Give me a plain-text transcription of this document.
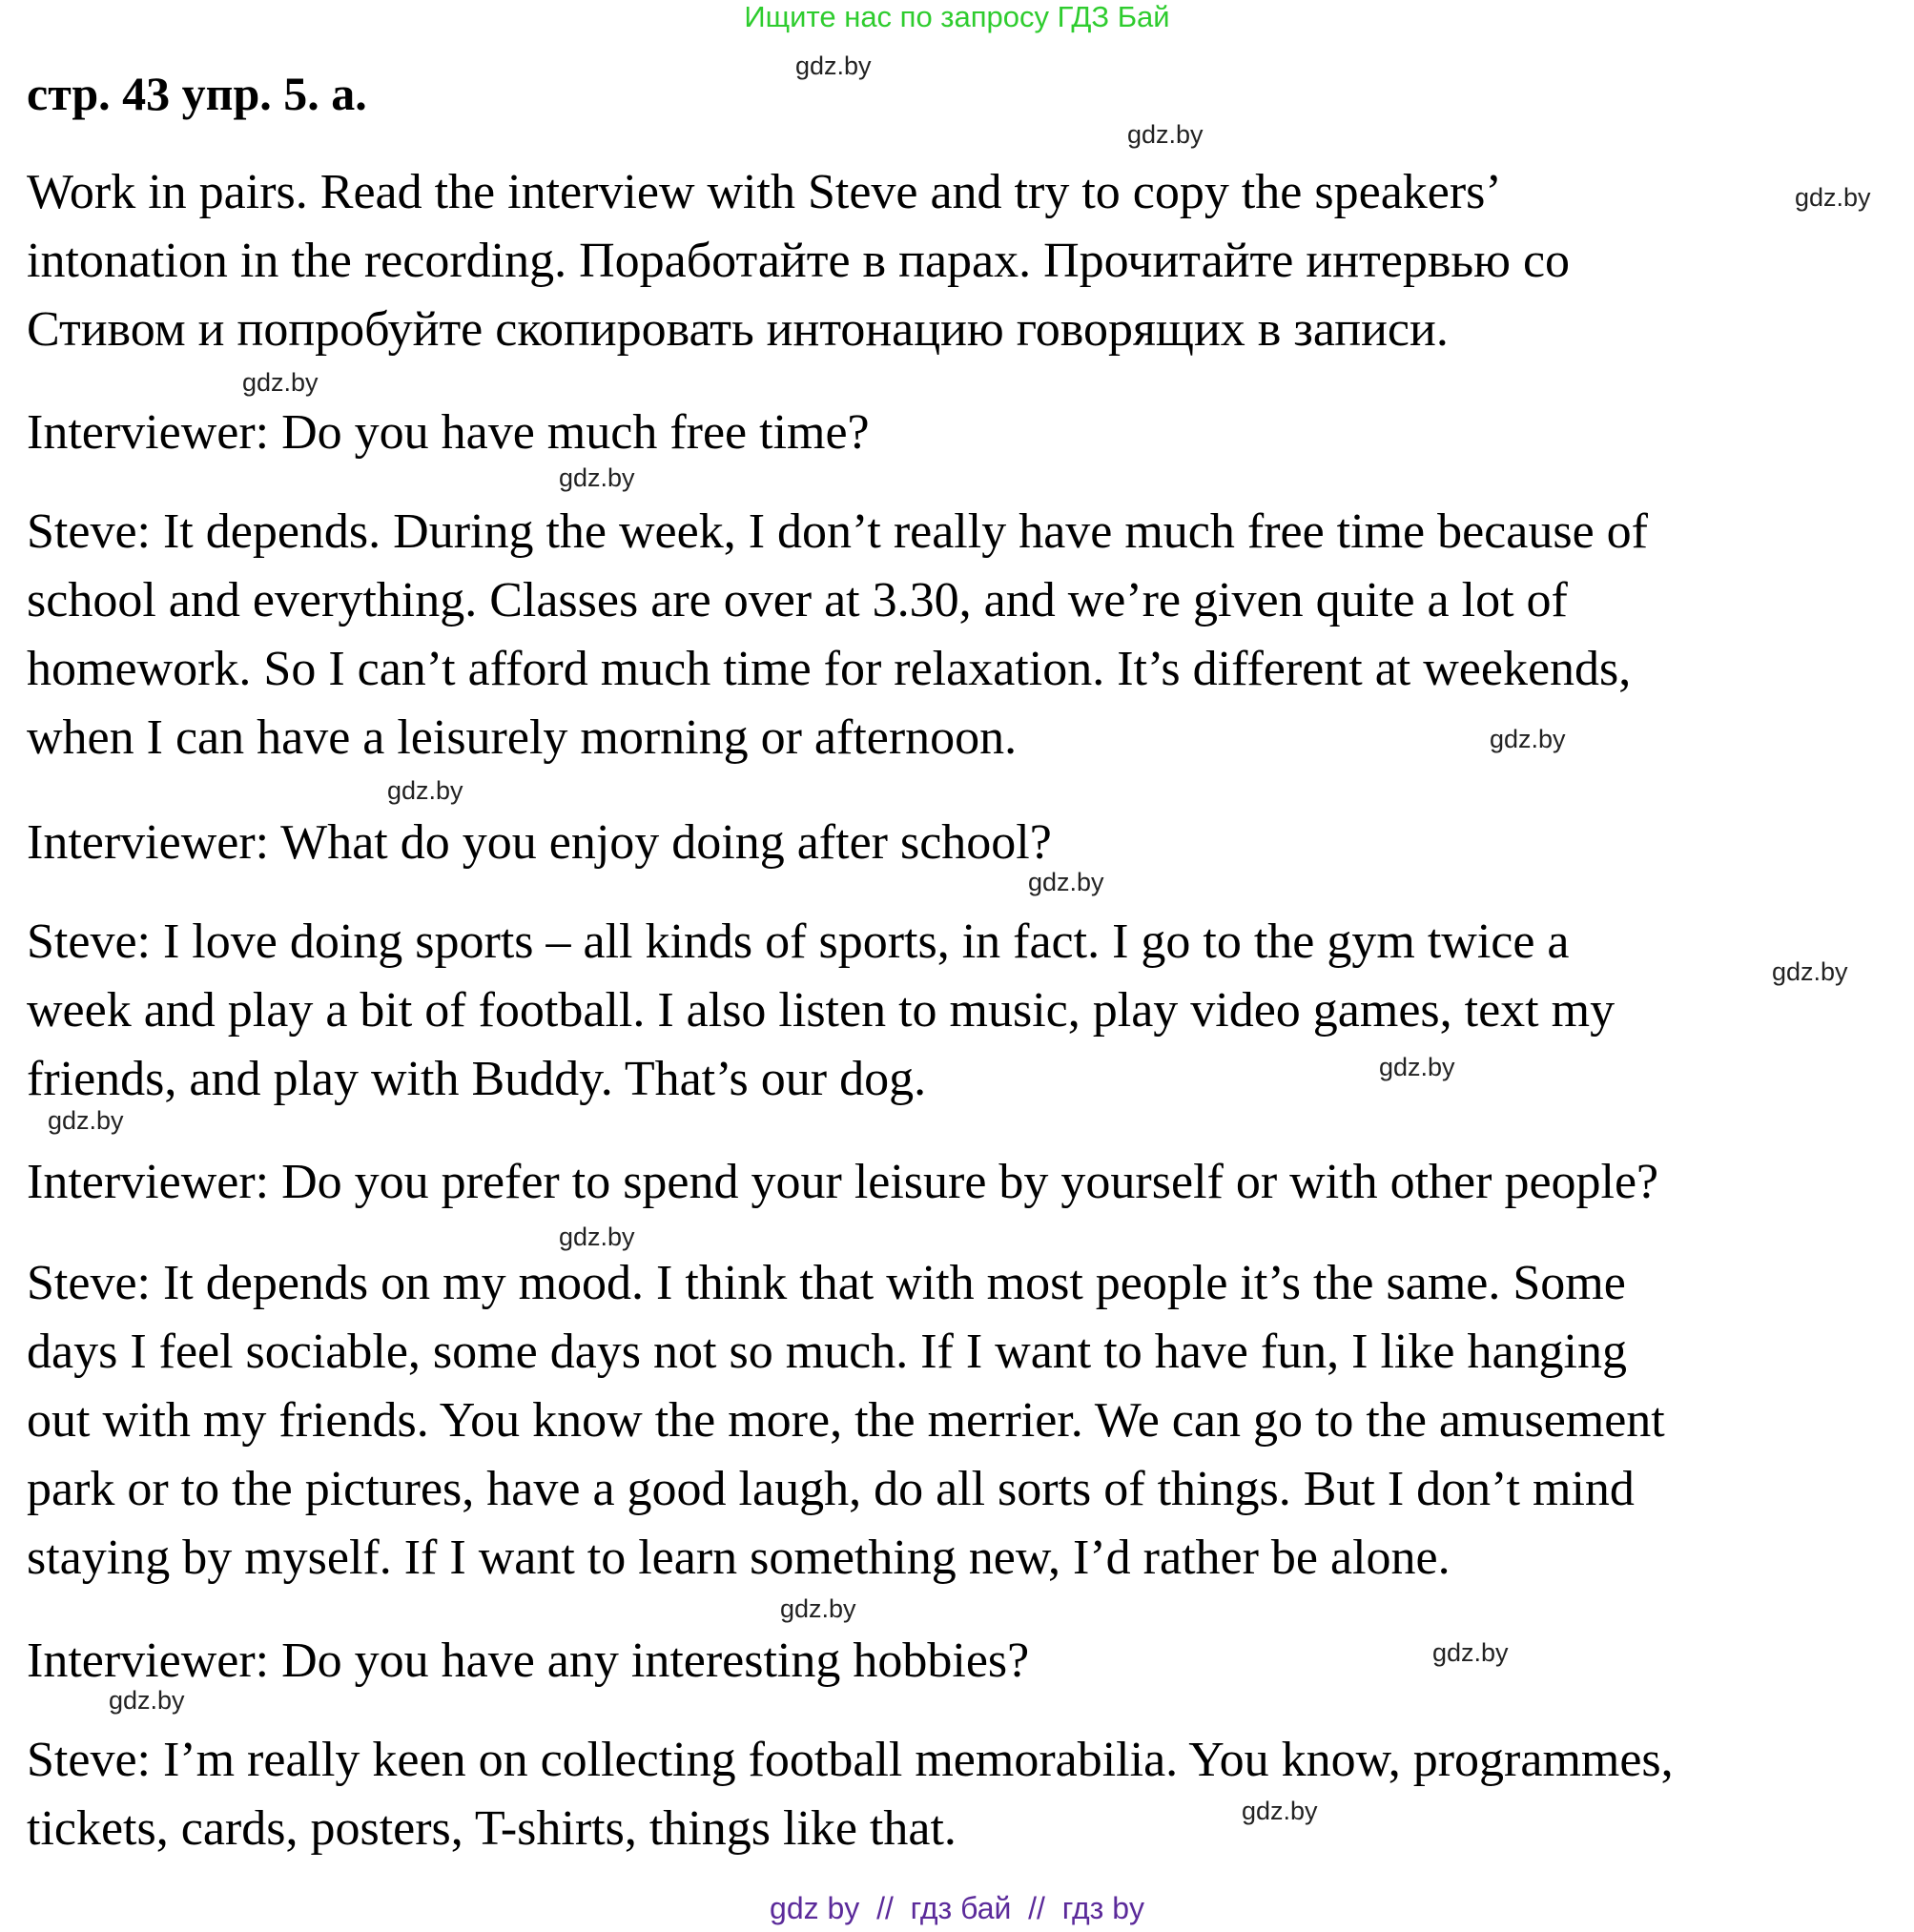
Ищите нас по запросу ГДЗ Бай
стр. 43 упр. 5. а.

Work in pairs. Read the interview with Steve and try to copy the speakers’
intonation in the recording. Поработайте в парах. Прочитайте интервью со
Стивом и попробуйте скопировать интонацию говорящих в записи.

Interviewer: Do you have much free time?

Steve: It depends. During the week, I don’t really have much free time because of
school and everything. Classes are over at 3.30, and we’re given quite a lot of
homework. So I can’t afford much time for relaxation. It’s different at weekends,
when I can have a leisurely morning or afternoon.

Interviewer: What do you enjoy doing after school?

Steve: I love doing sports – all kinds of sports, in fact. I go to the gym twice a
week and play a bit of football. I also listen to music, play video games, text my
friends, and play with Buddy. That’s our dog.

Interviewer: Do you prefer to spend your leisure by yourself or with other people?

Steve: It depends on my mood. I think that with most people it’s the same. Some
days I feel sociable, some days not so much. If I want to have fun, I like hanging
out with my friends. You know the more, the merrier. We can go to the amusement
park or to the pictures, have a good laugh, do all sorts of things. But I don’t mind
staying by myself. If I want to learn something new, I’d rather be alone.

Interviewer: Do you have any interesting hobbies?

Steve: I’m really keen on collecting football memorabilia. You know, programmes,
tickets, cards, posters, T-shirts, things like that.

gdz.by
gdz.by
gdz.by
gdz.by
gdz.by
gdz.by
gdz.by
gdz.by
gdz.by
gdz.by
gdz.by
gdz.by
gdz.by
gdz.by
gdz.by
gdz.by
gdz by  //  гдз бай  //  гдз by
